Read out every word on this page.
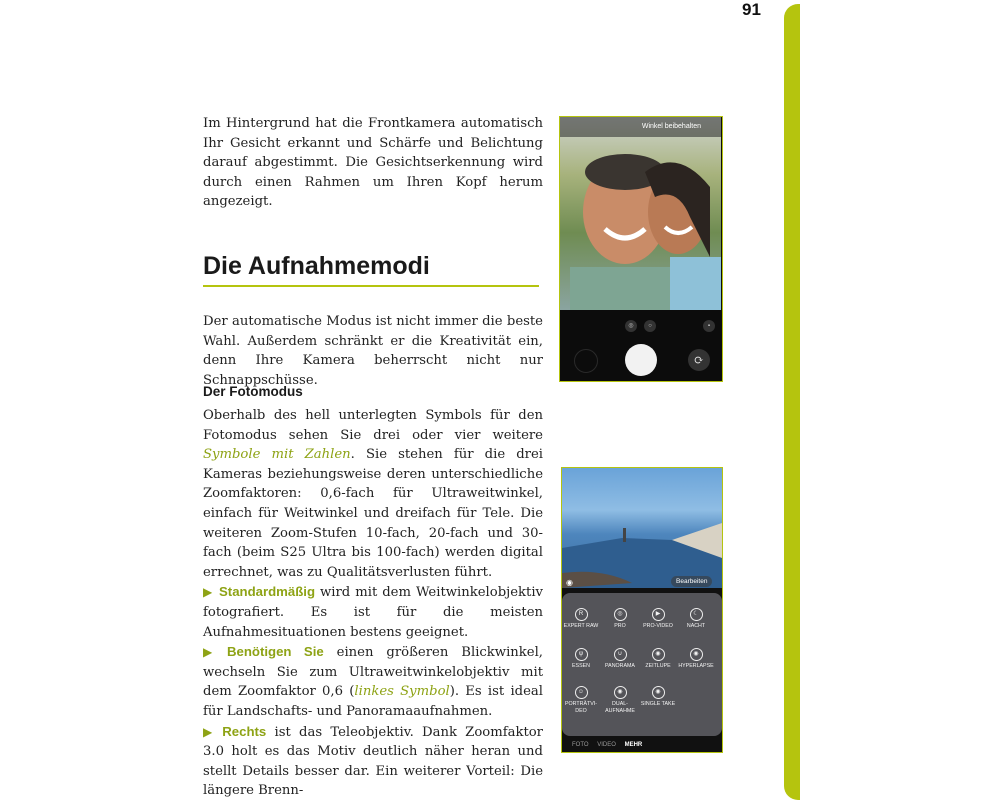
91

Im Hintergrund hat die Frontkamera automatisch Ihr Gesicht erkannt und Schärfe und Belichtung darauf abgestimmt. Die Gesichtserkennung wird durch einen Rahmen um Ihren Kopf herum angezeigt.

Die Aufnahmemodi

Der automatische Modus ist nicht immer die beste Wahl. Außerdem schränkt er die Kreativität ein, denn Ihre Kamera beherrscht nicht nur Schnappschüsse.

Der Fotomodus
Oberhalb des hell unterlegten Symbols für den Fotomodus sehen Sie drei oder vier weitere Symbole mit Zahlen. Sie stehen für die drei Kameras beziehungsweise deren unterschiedliche Zoomfaktoren: 0,6-fach für Ultraweitwinkel, einfach für Weitwinkel und dreifach für Tele. Die weiteren Zoom-Stufen 10-fach, 20-fach und 30-fach (beim S25 Ultra bis 100-fach) werden digital errechnet, was zu Qualitätsverlusten führt.
▶ Standardmäßig wird mit dem Weitwinkelobjektiv fotografiert. Es ist für die meisten Aufnahmesituationen bestens geeignet.
▶ Benötigen Sie einen größeren Blickwinkel, wechseln Sie zum Ultraweitwinkelobjektiv mit dem Zoomfaktor 0,6 (linkes Symbol). Es ist ideal für Landschafts- und Panoramaaufnahmen.
▶ Rechts ist das Teleobjektiv. Dank Zoomfaktor 3.0 holt es das Motiv deutlich näher heran und stellt Details besser dar. Ein weiterer Vorteil: Die längere Brenn-
Winkel beibehalten
◎	○	▪
⟳
◉	Bearbeiten
R
EXPERT RAW
◎
PRO
▶
PRO-VIDEO
☾
NACHT
ψ
ESSEN
∪
PANORAMA
◉
ZEITLUPE
◉
HYPERLAPSE
☺
PORTRÄTVI-
DEO
◉
DUAL-
AUFNAHME
◉
SINGLE TAKE
FOTO VIDEO MEHR
